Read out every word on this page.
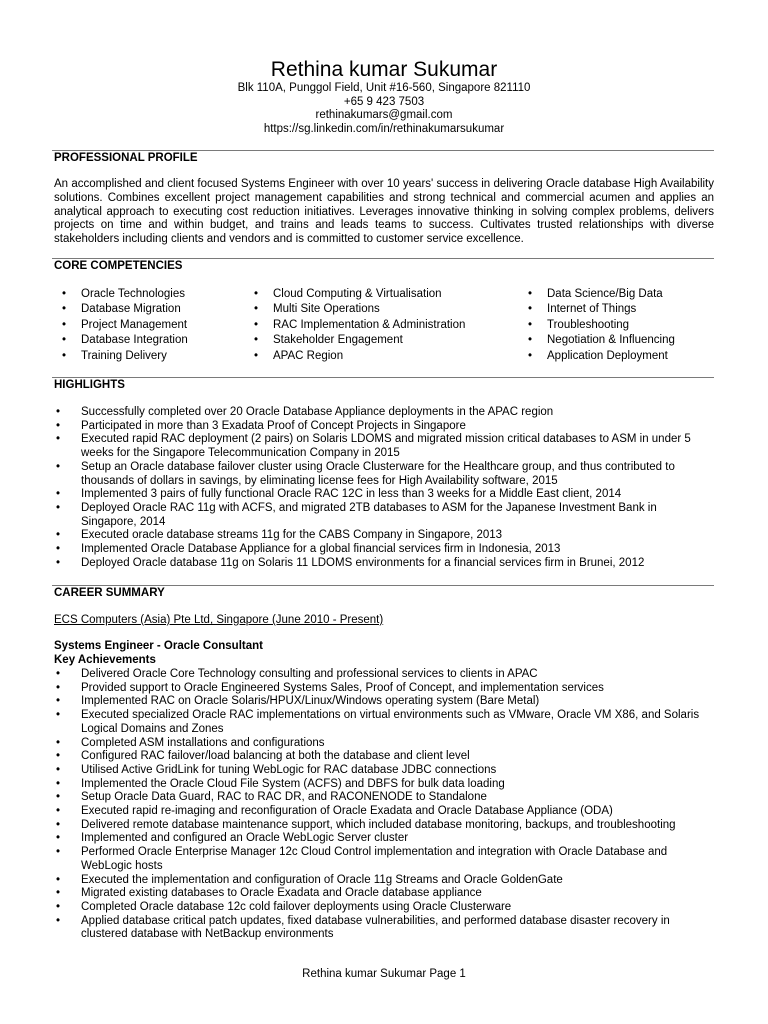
Rethina kumar Sukumar
Blk 110A, Punggol Field, Unit #16-560, Singapore 821110
+65 9 423 7503
rethinakumars@gmail.com
https://sg.linkedin.com/in/rethinakumarsukumar
PROFESSIONAL PROFILE

An accomplished and client focused Systems Engineer with over 10 years' success in delivering Oracle database High Availability solutions. Combines excellent project management capabilities and strong technical and commercial acumen and applies an analytical approach to executing cost reduction initiatives. Leverages innovative thinking in solving complex problems, delivers projects on time and within budget, and trains and leads teams to success. Cultivates trusted relationships with diverse stakeholders including clients and vendors and is committed to customer service excellence.

CORE COMPETENCIES
• Oracle Technologies
• Database Migration
• Project Management
• Database Integration
• Training Delivery
• Cloud Computing & Virtualisation
• Multi Site Operations
• RAC Implementation & Administration
• Stakeholder Engagement
• APAC Region
• Data Science/Big Data
• Internet of Things
• Troubleshooting
• Negotiation & Influencing
• Application Deployment
HIGHLIGHTS
• Successfully completed over 20 Oracle Database Appliance deployments in the APAC region
• Participated in more than 3 Exadata Proof of Concept Projects in Singapore
• Executed rapid RAC deployment (2 pairs) on Solaris LDOMS and migrated mission critical databases to ASM in under 5 weeks for the Singapore Telecommunication Company in 2015
• Setup an Oracle database failover cluster using Oracle Clusterware for the Healthcare group, and thus contributed to thousands of dollars in savings, by eliminating license fees for High Availability software, 2015
• Implemented 3 pairs of fully functional Oracle RAC 12C in less than 3 weeks for a Middle East client, 2014
• Deployed Oracle RAC 11g with ACFS, and migrated 2TB databases to ASM for the Japanese Investment Bank in Singapore, 2014
• Executed oracle database streams 11g for the CABS Company in Singapore, 2013
• Implemented Oracle Database Appliance for a global financial services firm in Indonesia, 2013
• Deployed Oracle database 11g on Solaris 11 LDOMS environments for a financial services firm in Brunei, 2012
CAREER SUMMARY
ECS Computers (Asia) Pte Ltd, Singapore (June 2010 - Present)
Systems Engineer - Oracle Consultant
Key Achievements
• Delivered Oracle Core Technology consulting and professional services to clients in APAC
• Provided support to Oracle Engineered Systems Sales, Proof of Concept, and implementation services
• Implemented RAC on Oracle Solaris/HPUX/Linux/Windows operating system (Bare Metal)
• Executed specialized Oracle RAC implementations on virtual environments such as VMware, Oracle VM X86, and Solaris Logical Domains and Zones
• Completed ASM installations and configurations
• Configured RAC failover/load balancing at both the database and client level
• Utilised Active GridLink for tuning WebLogic for RAC database JDBC connections
• Implemented the Oracle Cloud File System (ACFS) and DBFS for bulk data loading
• Setup Oracle Data Guard, RAC to RAC DR, and RACONENODE to Standalone
• Executed rapid re-imaging and reconfiguration of Oracle Exadata and Oracle Database Appliance (ODA)
• Delivered remote database maintenance support, which included database monitoring, backups, and troubleshooting
• Implemented and configured an Oracle WebLogic Server cluster
• Performed Oracle Enterprise Manager 12c Cloud Control implementation and integration with Oracle Database and WebLogic hosts
• Executed the implementation and configuration of Oracle 11g Streams and Oracle GoldenGate
• Migrated existing databases to Oracle Exadata and Oracle database appliance
• Completed Oracle database 12c cold failover deployments using Oracle Clusterware
• Applied database critical patch updates, fixed database vulnerabilities, and performed database disaster recovery in clustered database with NetBackup environments
Rethina kumar Sukumar Page 1
